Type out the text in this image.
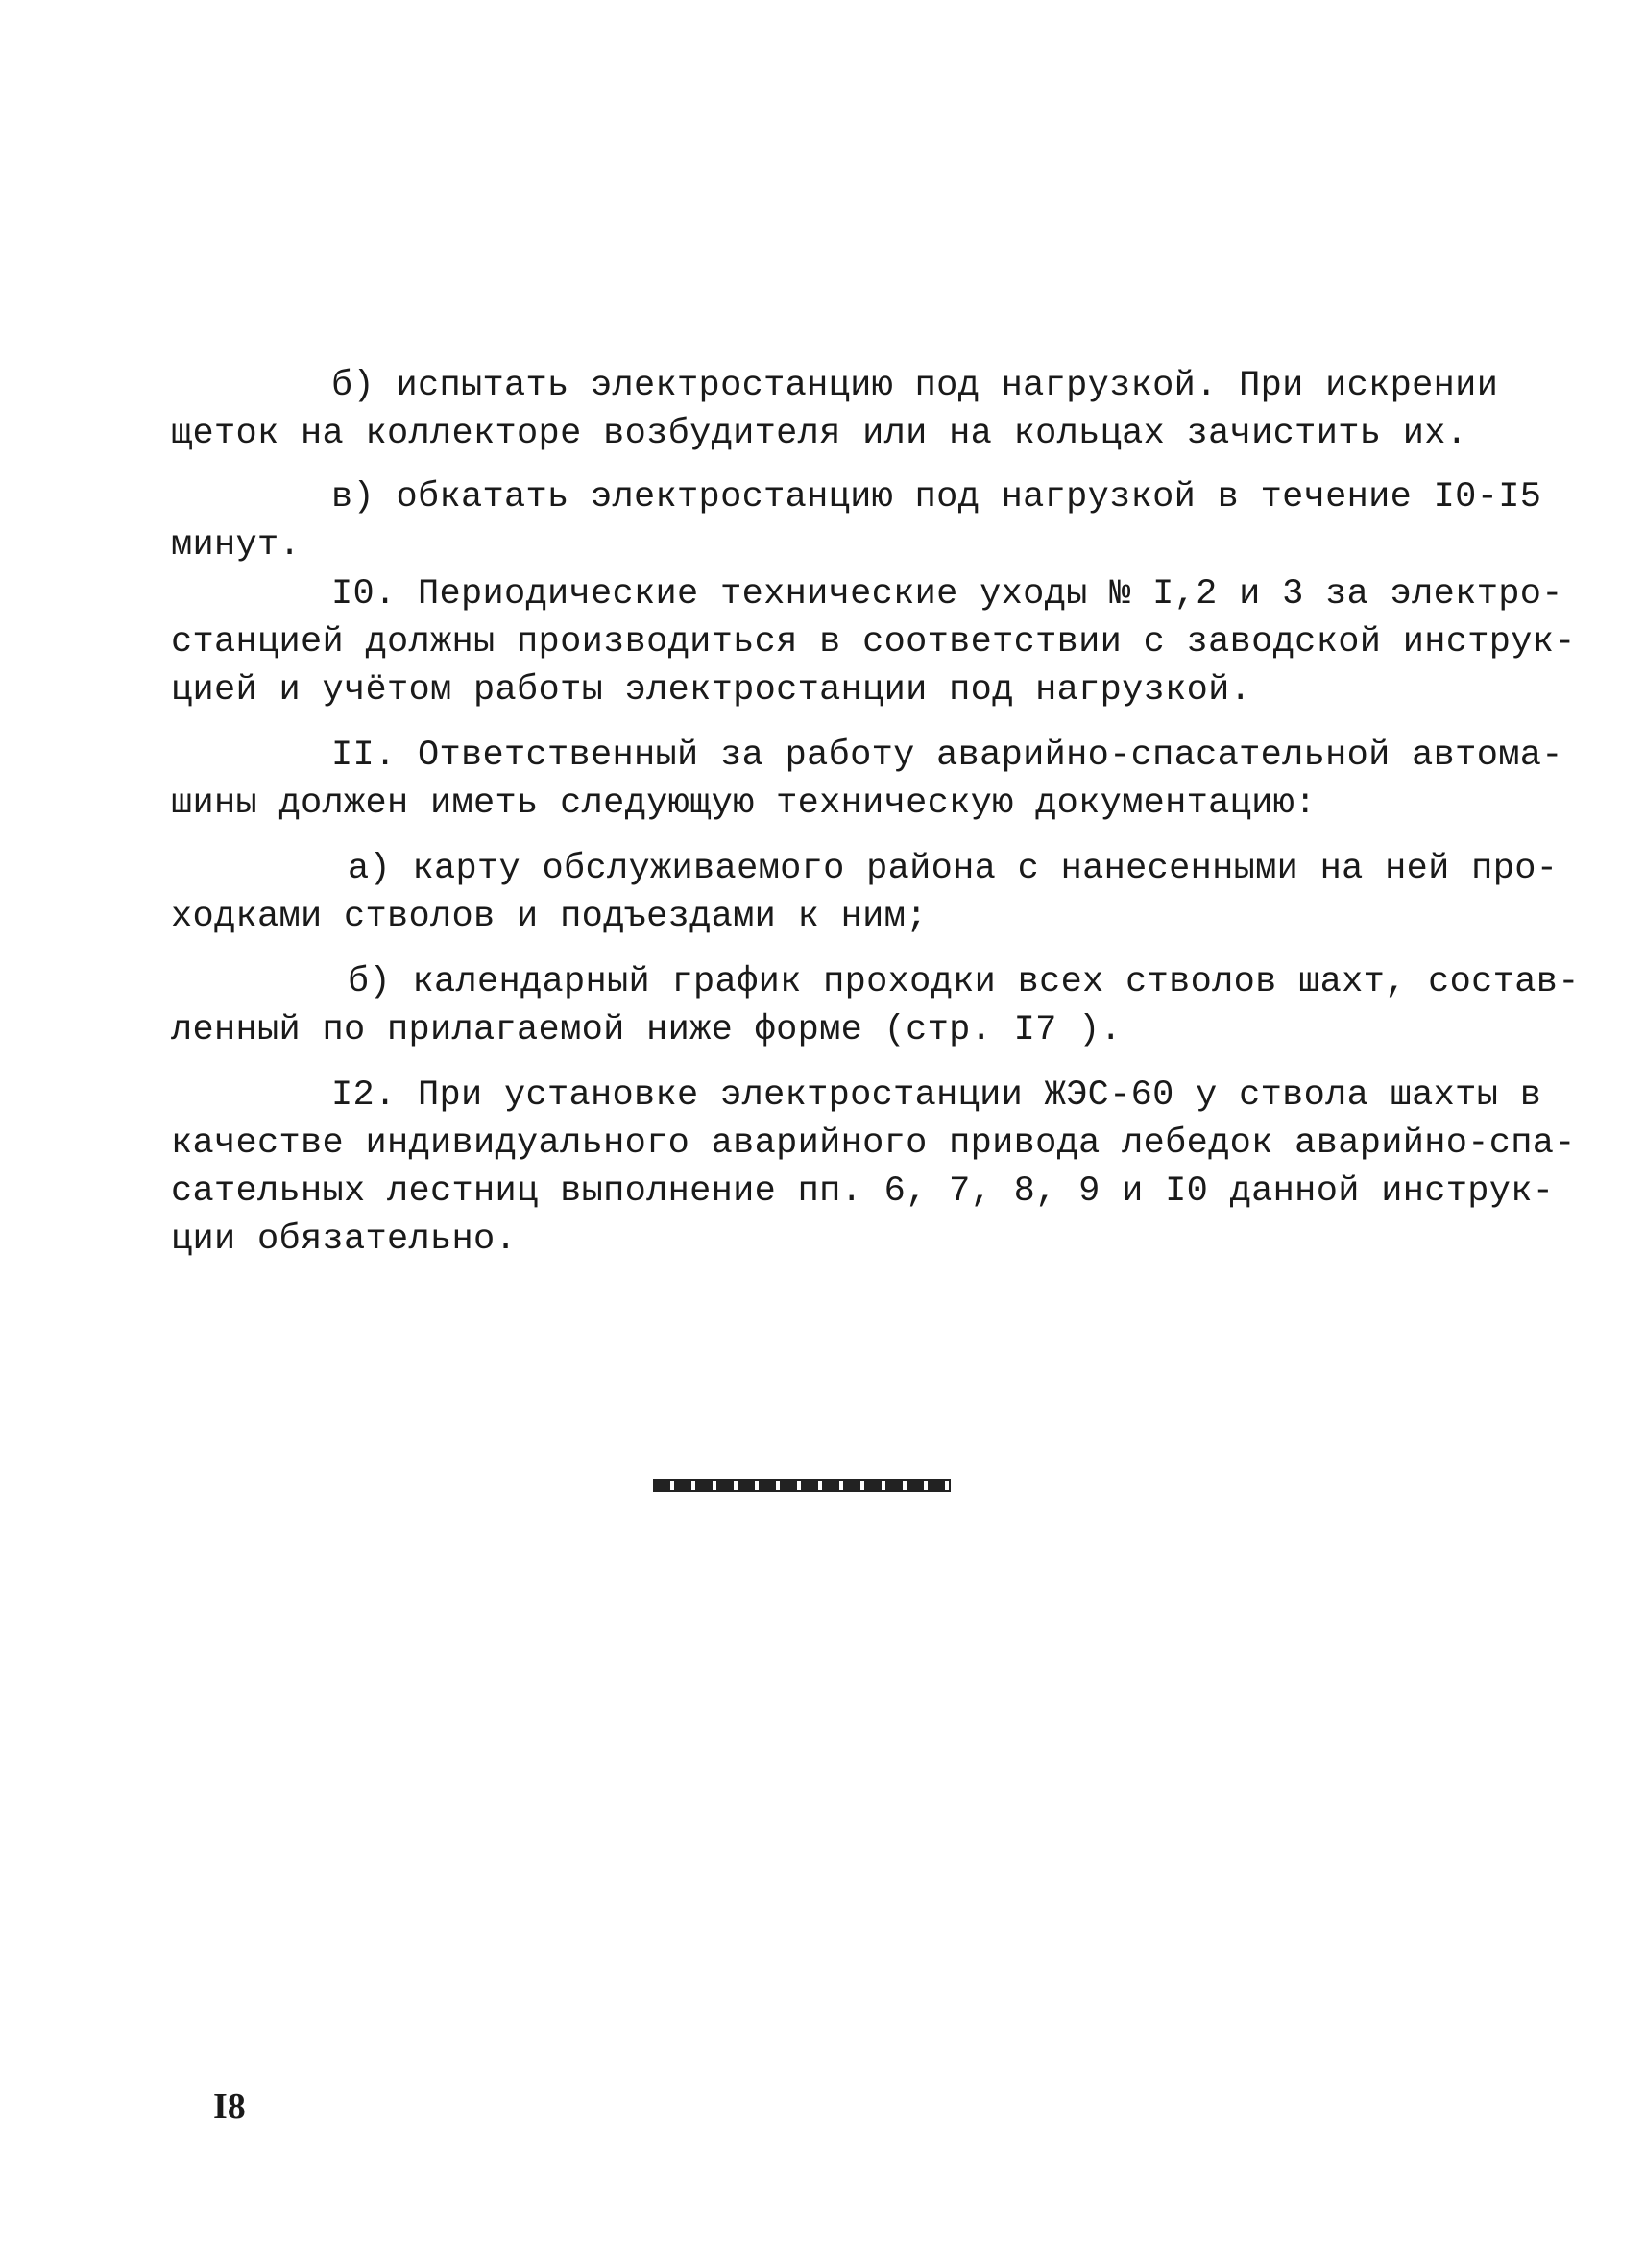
б) испытать электростанцию под нагрузкой. При искрении
щеток на коллекторе возбудителя или на кольцах зачистить их.
в) обкатать электростанцию под нагрузкой в течение I0-I5
минут.
I0. Периодические технические уходы № I,2 и 3 за электро-
станцией должны производиться в соответствии с заводской инструк-
цией и учётом работы электростанции под нагрузкой.
II. Ответственный за работу аварийно-спасательной автома-
шины должен иметь следующую техническую документацию:
а) карту обслуживаемого района с нанесенными на ней про-
ходками стволов и подъездами к ним;
б) календарный график проходки всех стволов шахт, состав-
ленный по прилагаемой ниже форме (стр. I7 ).
I2. При установке электростанции ЖЭС-60 у ствола шахты в
качестве индивидуального аварийного привода лебедок аварийно-спа-
сательных лестниц выполнение пп. 6, 7, 8, 9 и I0 данной инструк-
ции обязательно.
I8
